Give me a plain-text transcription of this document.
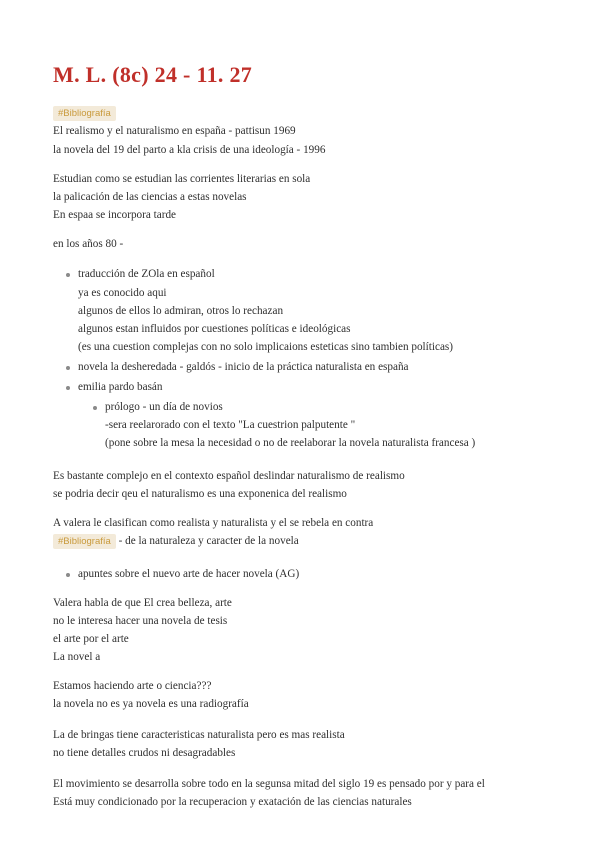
M. L. (8c) 24 - 11. 27
#Bibliografía

El realismo y el naturalismo en españa - pattisun 1969

la novela del 19 del parto a kla crisis de una ideología - 1996

Estudian como se estudian las corrientes literarias en sola

la palicación de las ciencias a estas novelas

En espaa se incorpora tarde

en los años 80 -

traducción de ZOla en español

ya es conocido aqui

algunos de ellos lo admiran, otros lo rechazan

algunos estan influidos por cuestiones políticas e ideológicas

(es una cuestion complejas con no solo implicaions esteticas sino tambien políticas)

novela la desheredada - galdós - inicio de la práctica naturalista en españa

emilia pardo basán

prólogo - un día de novios

-sera reelarorado con el texto "La cuestrion palputente "

(pone sobre la mesa la necesidad o no de reelaborar la novela naturalista francesa )

Es bastante complejo en el contexto español deslindar naturalismo de realismo

se podria decir qeu el naturalismo es una exponenica del realismo

A valera le clasifican como realista y naturalista y el se rebela en contra

#Bibliografía - de la naturaleza y caracter de la novela

apuntes sobre el nuevo arte de hacer novela (AG)

Valera habla de que El crea belleza, arte

no le interesa hacer una novela de tesis

el arte por el arte

La novel a

Estamos haciendo arte o ciencia???

la novela no es ya novela es una radiografía

La de bringas tiene caracteristicas naturalista pero es mas realista

no tiene detalles crudos ni desagradables

El movimiento se desarrolla sobre todo en la segunsa mitad del siglo 19 es pensado por y para el

Está muy condicionado por la recuperacion y exatación de las ciencias naturales
